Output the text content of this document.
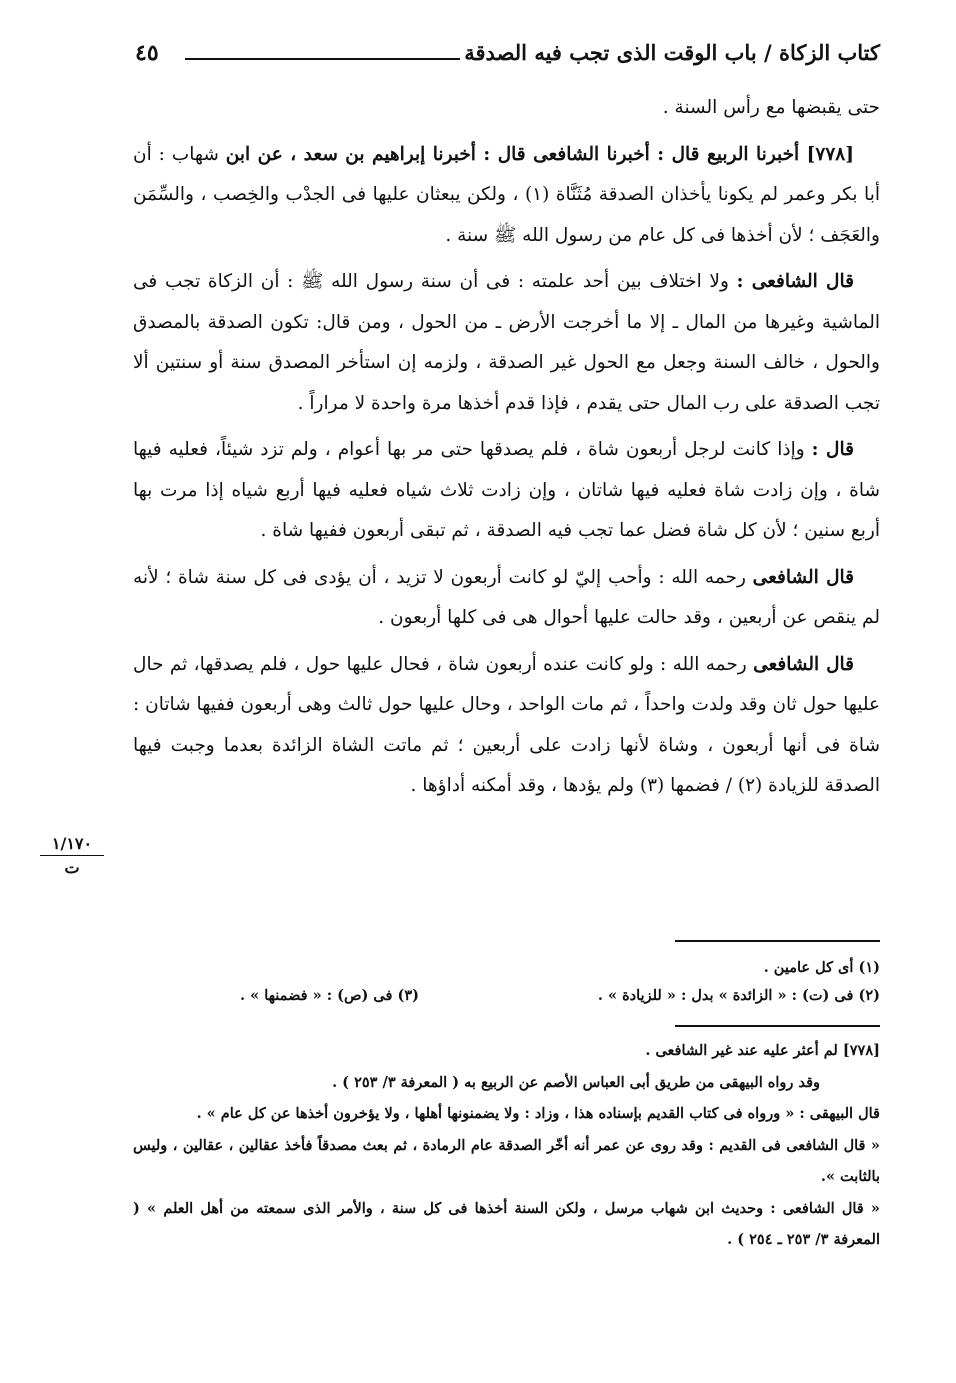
كتاب الزكاة / باب الوقت الذى تجب فيه الصدقة
٤٥

حتى يقبضها مع رأس السنة .

[٧٧٨] أخبرنا الربيع قال : أخبرنا الشافعى قال : أخبرنا إبراهيم بن سعد ، عن ابن شهاب : أن أبا بكر وعمر لم يكونا يأخذان الصدقة مُثَنَّاة (١) ، ولكن يبعثان عليها فى الجدْب والخِصب ، والسِّمَن والعَجَف ؛ لأن أخذها فى كل عام من رسول الله ﷺ سنة .

قال الشافعى : ولا اختلاف بين أحد علمته : فى أن سنة رسول الله ﷺ : أن الزكاة تجب فى الماشية وغيرها من المال ـ إلا ما أخرجت الأرض ـ من الحول ، ومن قال: تكون الصدقة بالمصدق والحول ، خالف السنة وجعل مع الحول غير الصدقة ، ولزمه إن استأخر المصدق سنة أو سنتين ألا تجب الصدقة على رب المال حتى يقدم ، فإذا قدم أخذها مرة واحدة لا مراراً .

قال : وإذا كانت لرجل أربعون شاة ، فلم يصدقها حتى مر بها أعوام ، ولم تزد شيئاً، فعليه فيها شاة ، وإن زادت شاة فعليه فيها شاتان ، وإن زادت ثلاث شياه فعليه فيها أربع شياه إذا مرت بها أربع سنين ؛ لأن كل شاة فضل عما تجب فيه الصدقة ، ثم تبقى أربعون ففيها شاة .

قال الشافعى رحمه الله : وأحب إليّ لو كانت أربعون لا تزيد ، أن يؤدى فى كل سنة شاة ؛ لأنه لم ينقص عن أربعين ، وقد حالت عليها أحوال هى فى كلها أربعون .

قال الشافعى رحمه الله : ولو كانت عنده أربعون شاة ، فحال عليها حول ، فلم يصدقها، ثم حال عليها حول ثان وقد ولدت واحداً ، ثم مات الواحد ، وحال عليها حول ثالث وهى أربعون ففيها شاتان : شاة فى أنها أربعون ، وشاة لأنها زادت على أربعين ؛ ثم ماتت الشاة الزائدة بعدما وجبت فيها الصدقة للزيادة (٢) / فضمها (٣) ولم يؤدها ، وقد أمكنه أداؤها .

١/١٧٠
ت
(١) أى كل عامين .
(٢) فى (ت) : « الزائدة » بدل : « للزيادة » .
(٣) فى (ص) : « فضمنها » .

[٧٧٨] لم أعثر عليه عند غير الشافعى .

وقد رواه البيهقى من طريق أبى العباس الأصم عن الربيع به ( المعرفة ٣/ ٢٥٣ ) .

قال البيهقى : « ورواه فى كتاب القديم بإسناده هذا ، وزاد : ولا يضمنونها أهلها ، ولا يؤخرون أخذها عن كل عام » .

« قال الشافعى فى القديم : وقد روى عن عمر أنه أخّر الصدقة عام الرمادة ، ثم بعث مصدقاً فأخذ عقالين ، عقالين ، وليس بالثابت ».

« قال الشافعى : وحديث ابن شهاب مرسل ، ولكن السنة أخذها فى كل سنة ، والأمر الذى سمعته من أهل العلم » ( المعرفة ٣/ ٢٥٣ ـ ٢٥٤ ) .
